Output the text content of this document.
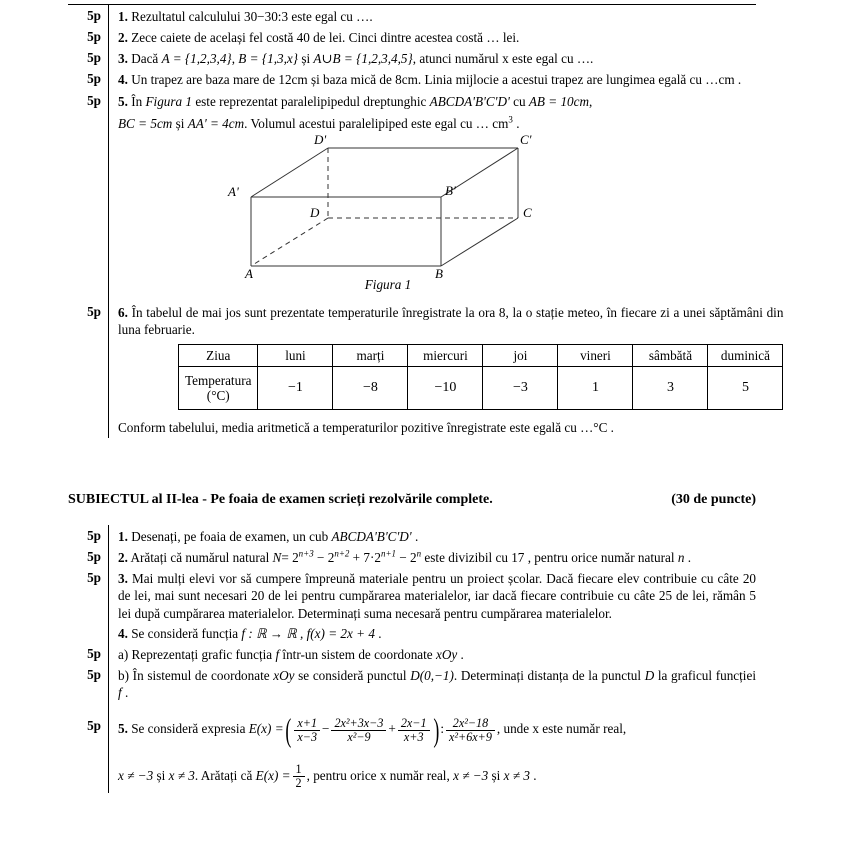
5p	1. Rezultatul calculului 30−30:3 este egal cu ….
5p	2. Zece caiete de același fel costă 40 de lei. Cinci dintre acestea costă … lei.
5p	3. Dacă A = {1,2,3,4}, B = {1,3,x} și A∪B = {1,2,3,4,5}, atunci numărul x este egal cu ….
5p	4. Un trapez are baza mare de 12cm și baza mică de 8cm. Linia mijlocie a acestui trapez are lungimea egală cu …cm .
5p	5. În Figura 1 este reprezentat paralelipipedul dreptunghic ABCDA'B'C'D' cu AB = 10cm,
BC = 5cm și AA' = 4cm. Volumul acestui paralelipiped este egal cu … $cm^3$ .
D'	C'
A'	B'
D	C
A	B
Figura 1
5p	6. În tabelul de mai jos sunt prezentate temperaturile înregistrate la ora 8, la o stație meteo, în fiecare zi a unei săptămâni din luna februarie.
Ziua	luni	marți	miercuri	joi	vineri	sâmbătă	duminică
Temperatura
(°C)	−1	−8	−10	−3	1	3	5
Conform tabelului, media aritmetică a temperaturilor pozitive înregistrate este egală cu …°C .
SUBIECTUL al II-lea - Pe foaia de examen scrieți rezolvările complete.	(30 de puncte)
5p	1. Desenați, pe foaia de examen, un cub ABCDA'B'C'D' .
5p	2. Arătați că numărul natural $N= 2^{n+3} - 2^{n+2} + 7\cdot 2^{n+1} - 2^n$ este divizibil cu 17 , pentru orice număr natural n .
5p	3. Mai mulți elevi vor să cumpere împreună materiale pentru un proiect școlar. Dacă fiecare elev contribuie cu câte 20 de lei, mai sunt necesari 20 de lei pentru cumpărarea materialelor, iar dacă fiecare contribuie cu câte 25 de lei, rămân 5 lei după cumpărarea materialelor. Determinați suma necesară pentru cumpărarea materialelor.
4. Se consideră funcția f : ℝ → ℝ , f(x) = 2x + 4 .
5p	a) Reprezentați grafic funcția f într-un sistem de coordonate xOy .
5p	b) În sistemul de coordonate xOy se consideră punctul D(0,−1). Determinați distanța de la punctul D la graficul funcției f .
5p	5. Se consideră expresia E(x) =( $\frac{x+1}{x-3} - \frac{\text{2x²+3x−3}}{\text{x²−9}} + \frac{2x-1}{x+3}$ ): $\frac{\text{2x²−18}}{\text{x²+6x+9}}$ , unde x este număr real,
x ≠ −3 și x ≠ 3. Arătați că $E(x) = \frac{1}{2}$ , pentru orice x număr real, x ≠ −3 și x ≠ 3 .
